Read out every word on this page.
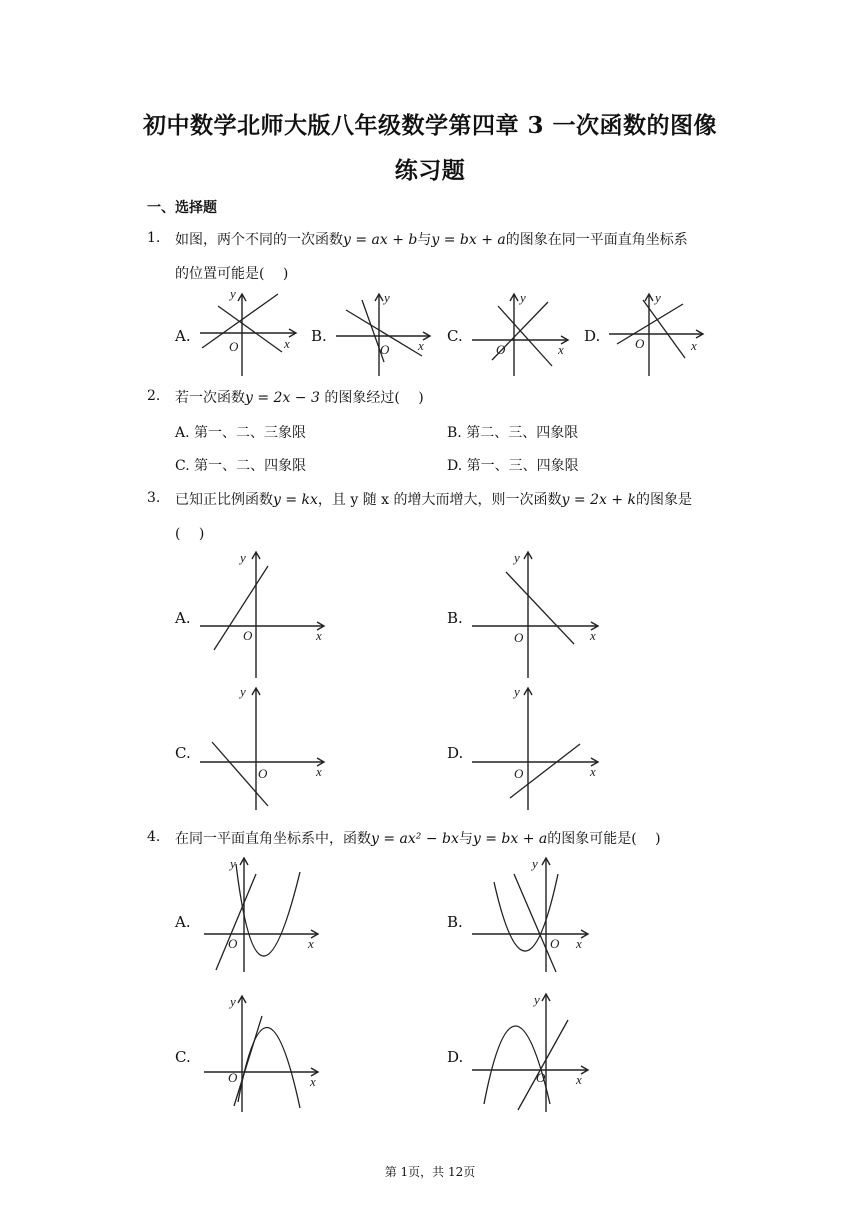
初中数学北师大版八年级数学第四章 3 一次函数的图像
练习题
一、选择题
1. 如图，两个不同的一次函数y = ax + b与y = bx + a的图象在同一平面直角坐标系
的位置可能是(　 )
A.	B.	C.	D.
y
x
O
y
x
O
y
x
O
y
x
O
2. 若一次函数y = 2x − 3 的图象经过(　 )
A. 第一、二、三象限	B. 第二、三、四象限
C. 第一、二、四象限	D. 第一、三、四象限
3. 已知正比例函数y = kx，且 y 随 x 的增大而增大，则一次函数y = 2x + k的图象是
(　 )
A.	B.
C.	D.
y
x
O
y
x
O
y
x
O
y
x
O
4. 在同一平面直角坐标系中，函数y = ax² − bx与y = bx + a的图象可能是(　 )
A.	B.
C.	D.
y
x
O
y
x
O
y
x
O
y
x
O
第 1页，共 12页
